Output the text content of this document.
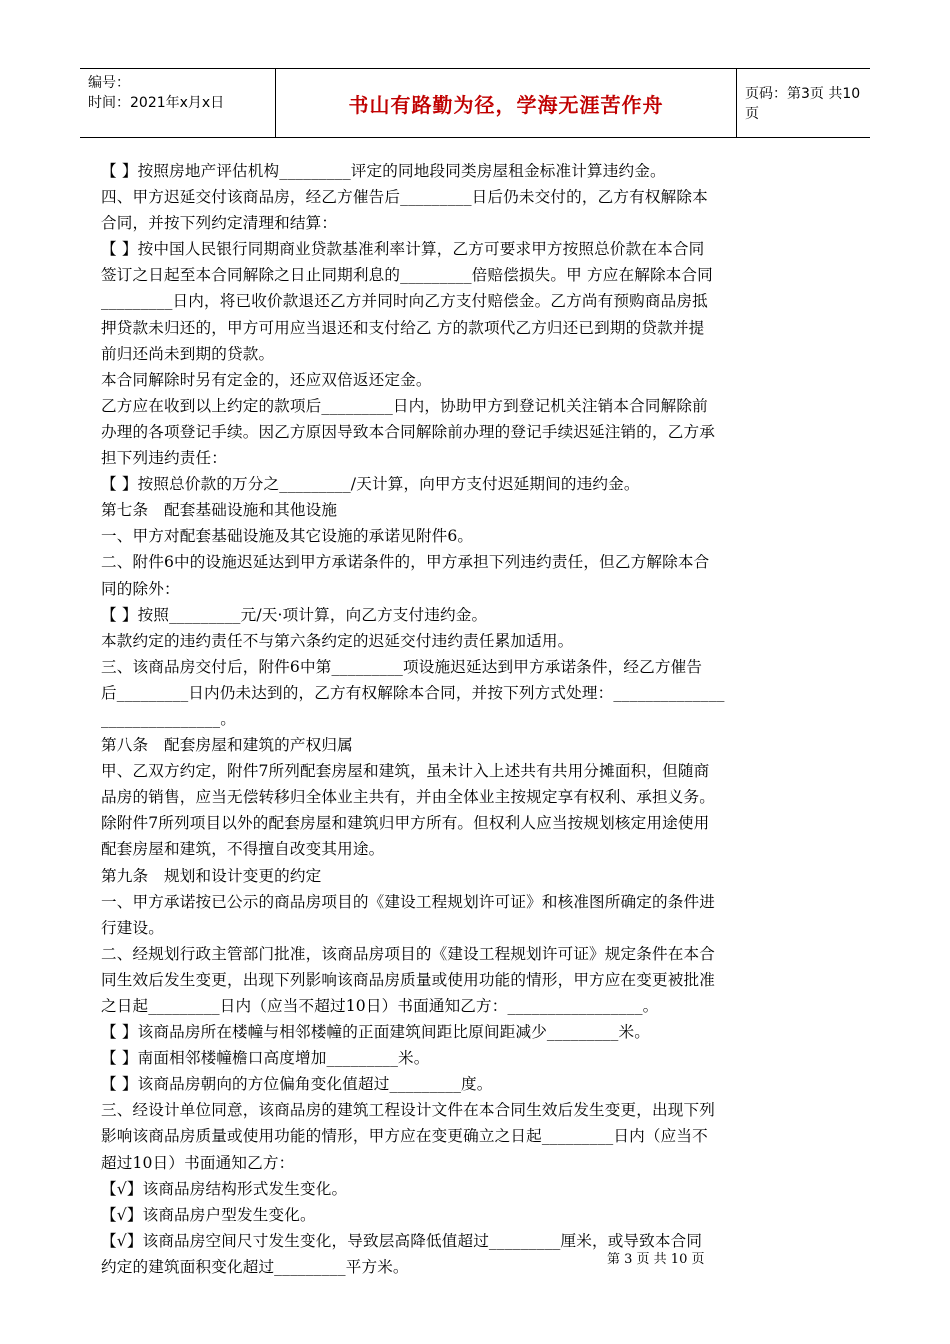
编号：
时间：2021年x月x日	书山有路勤为径，学海无涯苦作舟	页码：第3页 共10页

【 】按照房地产评估机构_________评定的同地段同类房屋租金标准计算违约金。

四、甲方迟延交付该商品房，经乙方催告后_________日后仍未交付的，乙方有权解除本

合同，并按下列约定清理和结算：

【 】按中国人民银行同期商业贷款基准利率计算，乙方可要求甲方按照总价款在本合同

签订之日起至本合同解除之日止同期利息的_________倍赔偿损失。甲 方应在解除本合同

_________日内，将已收价款退还乙方并同时向乙方支付赔偿金。乙方尚有预购商品房抵

押贷款未归还的，甲方可用应当退还和支付给乙 方的款项代乙方归还已到期的贷款并提

前归还尚未到期的贷款。

本合同解除时另有定金的，还应双倍返还定金。

乙方应在收到以上约定的款项后_________日内，协助甲方到登记机关注销本合同解除前

办理的各项登记手续。因乙方原因导致本合同解除前办理的登记手续迟延注销的，乙方承

担下列违约责任：

【 】按照总价款的万分之_________/天计算，向甲方支付迟延期间的违约金。

第七条　配套基础设施和其他设施

一、甲方对配套基础设施及其它设施的承诺见附件6。

二、附件6中的设施迟延达到甲方承诺条件的，甲方承担下列违约责任，但乙方解除本合

同的除外：

【 】按照_________元/天·项计算，向乙方支付违约金。

本款约定的违约责任不与第六条约定的迟延交付违约责任累加适用。

三、该商品房交付后，附件6中第_________项设施迟延达到甲方承诺条件，经乙方催告

后_________日内仍未达到的，乙方有权解除本合同，并按下列方式处理：______________

_______________。

第八条　配套房屋和建筑的产权归属

甲、乙双方约定，附件7所列配套房屋和建筑，虽未计入上述共有共用分摊面积，但随商

品房的销售，应当无偿转移归全体业主共有，并由全体业主按规定享有权利、承担义务。

除附件7所列项目以外的配套房屋和建筑归甲方所有。但权利人应当按规划核定用途使用

配套房屋和建筑，不得擅自改变其用途。

第九条　规划和设计变更的约定

一、甲方承诺按已公示的商品房项目的《建设工程规划许可证》和核准图所确定的条件进

行建设。

二、经规划行政主管部门批准，该商品房项目的《建设工程规划许可证》规定条件在本合

同生效后发生变更，出现下列影响该商品房质量或使用功能的情形，甲方应在变更被批准

之日起_________日内（应当不超过10日）书面通知乙方：_________________。

【 】该商品房所在楼幢与相邻楼幢的正面建筑间距比原间距减少_________米。

【 】南面相邻楼幢檐口高度增加_________米。

【 】该商品房朝向的方位偏角变化值超过_________度。

三、经设计单位同意，该商品房的建筑工程设计文件在本合同生效后发生变更，出现下列

影响该商品房质量或使用功能的情形，甲方应在变更确立之日起_________日内（应当不

超过10日）书面通知乙方：

【√】该商品房结构形式发生变化。

【√】该商品房户型发生变化。

【√】该商品房空间尺寸发生变化，导致层高降低值超过_________厘米，或导致本合同

约定的建筑面积变化超过_________平方米。	第 3 页 共 10 页
